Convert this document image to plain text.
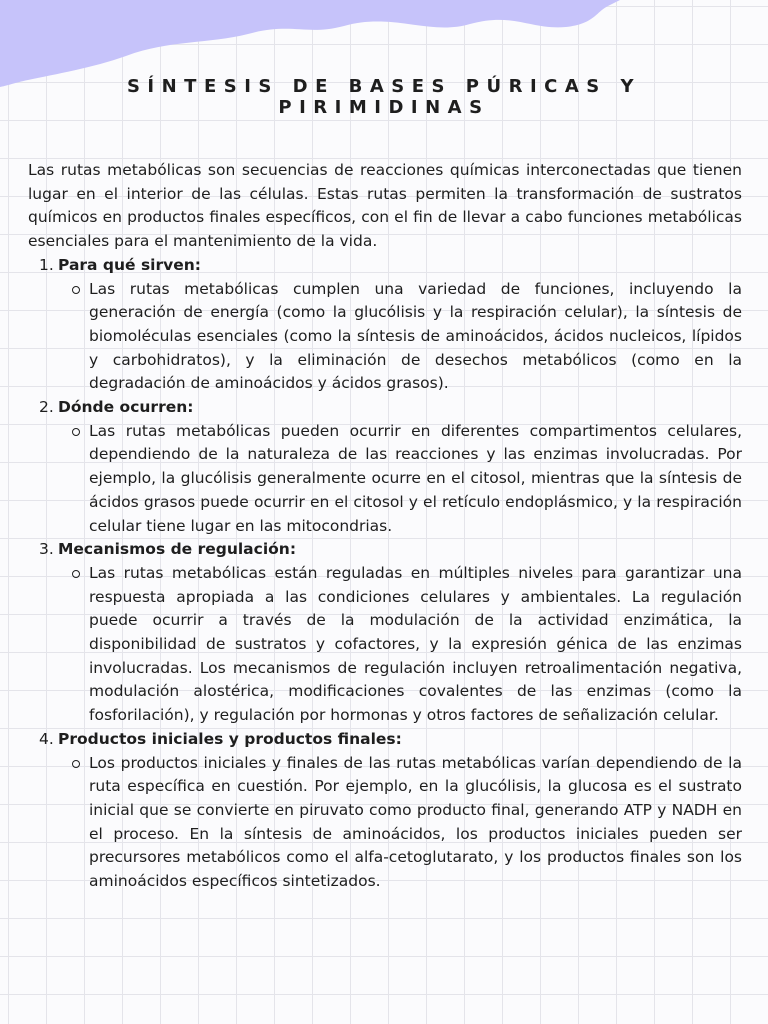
SÍNTESIS DE BASES PÚRICAS Y PIRIMIDINAS

Las rutas metabólicas son secuencias de reacciones químicas interconectadas que tienen lugar en el interior de las células. Estas rutas permiten la transformación de sustratos químicos en productos finales específicos, con el fin de llevar a cabo funciones metabólicas esenciales para el mantenimiento de la vida.

1. Para qué sirven:
Las rutas metabólicas cumplen una variedad de funciones, incluyendo la generación de energía (como la glucólisis y la respiración celular), la síntesis de biomoléculas esenciales (como la síntesis de aminoácidos, ácidos nucleicos, lípidos y carbohidratos), y la eliminación de desechos metabólicos (como en la degradación de aminoácidos y ácidos grasos).
2. Dónde ocurren:
Las rutas metabólicas pueden ocurrir en diferentes compartimentos celulares, dependiendo de la naturaleza de las reacciones y las enzimas involucradas. Por ejemplo, la glucólisis generalmente ocurre en el citosol, mientras que la síntesis de ácidos grasos puede ocurrir en el citosol y el retículo endoplásmico, y la respiración celular tiene lugar en las mitocondrias.
3. Mecanismos de regulación:
Las rutas metabólicas están reguladas en múltiples niveles para garantizar una respuesta apropiada a las condiciones celulares y ambientales. La regulación puede ocurrir a través de la modulación de la actividad enzimática, la disponibilidad de sustratos y cofactores, y la expresión génica de las enzimas involucradas. Los mecanismos de regulación incluyen retroalimentación negativa, modulación alostérica, modificaciones covalentes de las enzimas (como la fosforilación), y regulación por hormonas y otros factores de señalización celular.
4. Productos iniciales y productos finales:
Los productos iniciales y finales de las rutas metabólicas varían dependiendo de la ruta específica en cuestión. Por ejemplo, en la glucólisis, la glucosa es el sustrato inicial que se convierte en piruvato como producto final, generando ATP y NADH en el proceso. En la síntesis de aminoácidos, los productos iniciales pueden ser precursores metabólicos como el alfa-cetoglutarato, y los productos finales son los aminoácidos específicos sintetizados.
